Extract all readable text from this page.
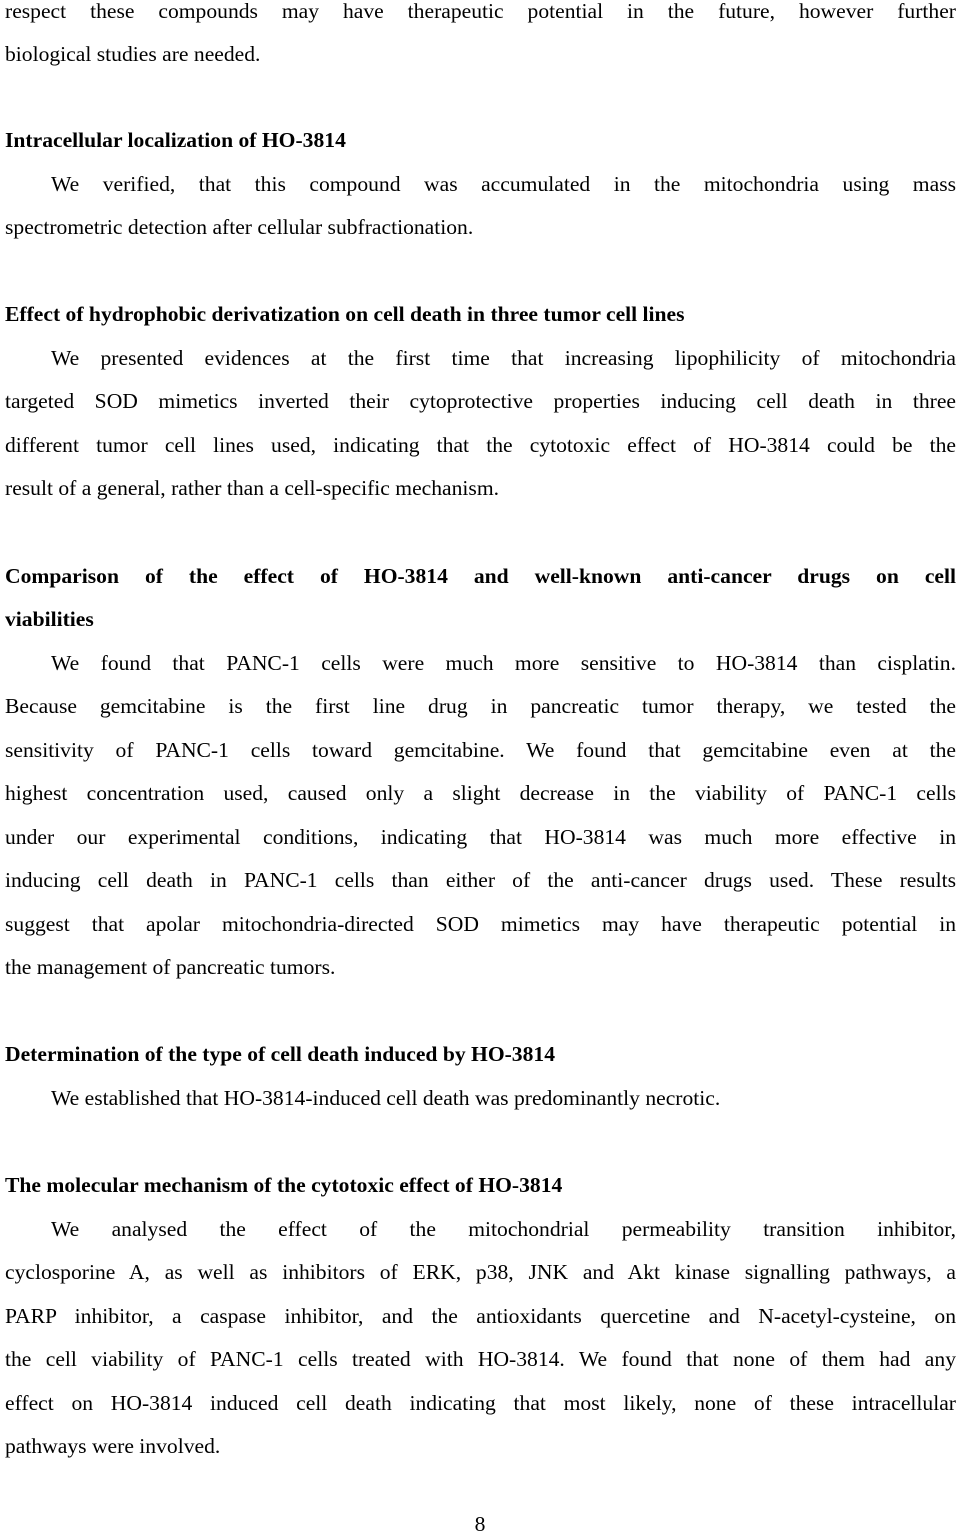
respect these compounds may have therapeutic potential in the future, however further
biological studies are needed.
Intracellular localization of HO-3814
We verified, that this compound was accumulated in the mitochondria using mass
spectrometric detection after cellular subfractionation.
Effect of hydrophobic derivatization on cell death in three tumor cell lines
We presented evidences at the first time that increasing lipophilicity of mitochondria
targeted SOD mimetics inverted their cytoprotective properties inducing cell death in three
different tumor cell lines used, indicating that the cytotoxic effect of HO-3814 could be the
result of a general, rather than a cell-specific mechanism.
Comparison of the effect of HO-3814 and well-known anti-cancer drugs on cell
viabilities
We found that PANC-1 cells were much more sensitive to HO-3814 than cisplatin.
Because gemcitabine is the first line drug in pancreatic tumor therapy, we tested the
sensitivity of PANC-1 cells toward gemcitabine. We found that gemcitabine even at the
highest concentration used, caused only a slight decrease in the viability of PANC-1 cells
under our experimental conditions, indicating that HO-3814 was much more effective in
inducing cell death in PANC-1 cells than either of the anti-cancer drugs used. These results
suggest that apolar mitochondria-directed SOD mimetics may have therapeutic potential in
the management of pancreatic tumors.
Determination of the type of cell death induced by HO-3814
We established that HO-3814-induced cell death was predominantly necrotic.
The molecular mechanism of the cytotoxic effect of HO-3814
We analysed the effect of the mitochondrial permeability transition inhibitor,
cyclosporine A, as well as inhibitors of ERK, p38, JNK and Akt kinase signalling pathways, a
PARP inhibitor, a caspase inhibitor, and the antioxidants quercetine and N-acetyl-cysteine, on
the cell viability of PANC-1 cells treated with HO-3814. We found that none of them had any
effect on HO-3814 induced cell death indicating that most likely, none of these intracellular
pathways were involved.
8
